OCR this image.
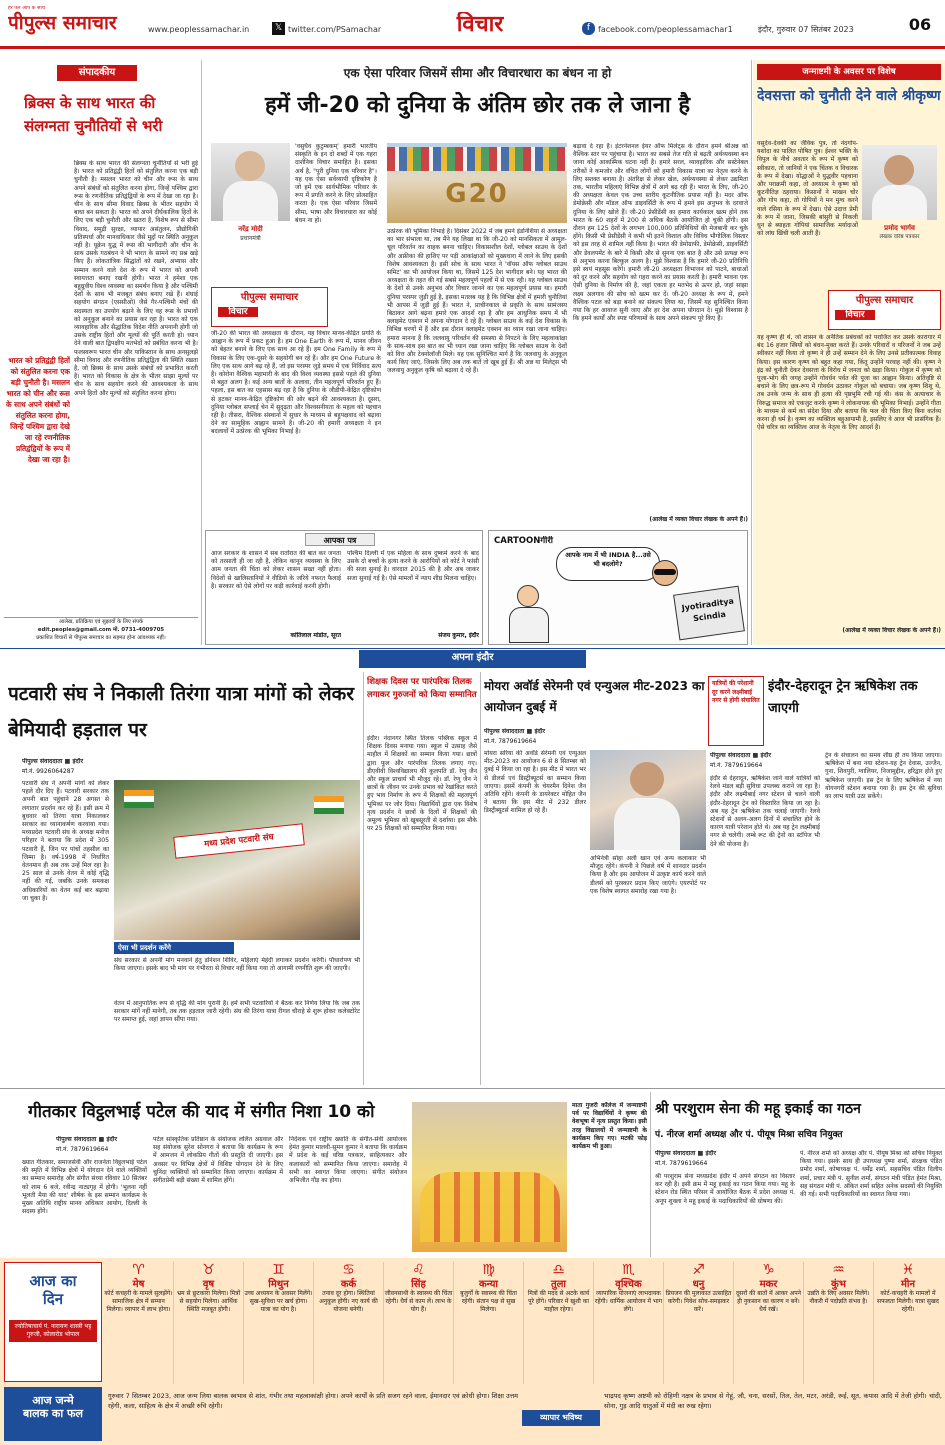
हर पल आप के साथ
पीपुल्स समाचार	www.peoplessamachar.in	𝕏 twitter.com/PSamachar	विचार	f facebook.com/peoplessamachar1	इंदौर, गुरुवार 07 सितंबर 2023	06
संपादकीय
ब्रिक्स के साथ भारत की संलग्नता चुनौतियों से भरी
ब्रिक्स के साथ भारत की संलग्नता चुनौतियों से भरी हुई है। भारत को प्रतिद्वंद्वी हितों को संतुलित करना एक बड़ी चुनौती है। मसलन भारत को चीन और रूस के साथ अपने संबंधों को संतुलित करना होगा, जिन्हें पश्चिम द्वारा रूस के रणनीतिक प्रतिद्वंद्वियों के रूप में देखा जा रहा है। चीन के साथ सीमा विवाद ब्रिक्स के भीतर सहयोग में बाधा बन सकता है। भारत को अपने दीर्घकालिक हितों के लिए एक बड़ी चुनौती और खतरा है, विशेष रूप से सीमा विवाद, समुद्री सुरक्षा, व्यापार असंतुलन, प्रौद्योगिकी प्रतिस्पर्धा और मानवाधिकार जैसे मुद्दों पर स्थिति अनुकूल नहीं है। यूक्रेन युद्ध में रूस की भागीदारी और चीन के साथ उसके गठबंधन ने भी भारत के सामने नए प्रश्न खड़े किए हैं। लोकतांत्रिक सिद्धांतों को रखने, अभ्यास और सम्मान करने वाले देश के रूप में भारत को अपनी स्वायत्तता बनाए रखनी होगी। भारत ने हमेशा एक बहुध्रुवीय विश्व व्यवस्था का समर्थन किया है और पश्चिमी देशों के साथ भी मजबूत संबंध बनाए रखे हैं। शंघाई सहयोग संगठन (एससीओ) जैसे गैर-पश्चिमी मंचों की सदस्यता का उपयोग बढ़ाने के लिए वह रूस के प्रभावों को अनुकूल बनाने का प्रयास कर रहा है। भारत को एक व्यावहारिक और सैद्धांतिक विदेश नीति अपनानी होगी जो उसके राष्ट्रीय हितों और मूल्यों की पूर्ति करती हो। ध्यान देने वाली बात द्विपक्षीय मतभेदों को प्रबंधित करना भी है। फलस्वरूप भारत चीन और पाकिस्तान के साथ अनसुलझे सीमा विवाद और रणनीतिक प्रतिद्वंद्विता की स्थिति रखता है, जो ब्रिक्स के साथ उसके संबंधों को प्रभावित करती है। भारत को विकास के क्षेत्र के भीतर साझा मूल्यों पर चीन के साथ सहयोग करने की आवश्यकता के साथ अपने हितों और मूल्यों को संतुलित करना होगा।
भारत को प्रतिद्वंद्वी हितों को संतुलित करना एक बड़ी चुनौती है। मसलन भारत को चीन और रूस के साथ अपने संबंधों को संतुलित करना होगा, जिन्हें पश्चिम द्वारा देखे जा रहे रणनीतिक प्रतिद्वंद्वियों के रूप में देखा जा रहा है।
आलेख, प्रतिक्रिया एवं सुझावों के लिए संपर्क
edit.peoples@gmail.com मो. 0731-4009705
प्रकाशित विचारों से पीपुल्स समाचार का सहमत होना आवश्यक नहीं।
एक ऐसा परिवार जिसमें सीमा और विचारधारा का बंधन ना हो
हमें जी-20 को दुनिया के अंतिम छोर तक ले जाना है
नरेंद्र मोदी
प्रधानमंत्री
'वसुधैव कुटुम्बकम्' हमारी भारतीय संस्कृति के इन दो शब्दों में एक गहरा दार्शनिक विचार समाहित है। इसका अर्थ है, "पूरी दुनिया एक परिवार है"। यह एक ऐसा सर्वव्यापी दृष्टिकोण है जो हमें एक सार्वभौमिक परिवार के रूप में प्रगति करने के लिए प्रोत्साहित करता है। एक ऐसा परिवार जिसमें सीमा, भाषा और विचारधारा का कोई बंधन ना हो।
पीपुल्स समाचार
विचार
जी-20 की भारत की अध्यक्षता के दौरान, यह विचार मानव-केंद्रित प्रगति के आह्वान के रूप में प्रकट हुआ है। हम One Earth के रूप में, मानव जीवन को बेहतर बनाने के लिए एक साथ आ रहे हैं। हम One Family के रूप में विकास के लिए एक-दूसरे के सहयोगी बन रहे हैं। और हम One Future के लिए एक साथ आगे बढ़ रहे हैं, जो इस परस्पर जुड़े समय में एक निर्विवाद सत्य है। कोरोना वैश्विक महामारी के बाद की विश्व व्यवस्था इससे पहले की दुनिया से बहुत अलग है। कई अन्य बातों के अलावा, तीन महत्वपूर्ण परिवर्तन हुए हैं। पहला, इस बात का एहसास बढ़ रहा है कि दुनिया के जीडीपी-केंद्रित दृष्टिकोण से हटकर मानव-केंद्रित दृष्टिकोण की ओर बढ़ने की आवश्यकता है। दूसरा, दुनिया ग्लोबल सप्लाई चेन में सुदृढ़ता और विश्वसनीयता के महत्व को पहचान रही है। तीसरा, वैश्विक संस्थानों में सुधार के माध्यम से बहुपक्षवाद को बढ़ावा देने का सामूहिक आह्वान सामने है। जी-20 की हमारी अध्यक्षता ने इन बदलावों में उत्प्रेरक की भूमिका निभाई है।
G20
उत्प्रेरक की भूमिका निभाई है। दिसंबर 2022 में जब हमने इंडोनेशिया से अध्यक्षता का भार संभाला था, तब मैंने यह लिखा था कि जी-20 को मानसिकता में आमूल-चूल परिवर्तन का वाहक बनना चाहिए। विकासशील देशों, ग्लोबल साउथ के देशों और अफ्रीका की हाशिए पर पड़ी आकांक्षाओं को मुख्यधारा में लाने के लिए इसकी विशेष आवश्यकता है। इसी सोच के साथ भारत ने 'वॉयस ऑफ ग्लोबल साउथ समिट' का भी आयोजन किया था, जिसमें 125 देश भागीदार बने। यह भारत की अध्यक्षता के तहत की गई सबसे महत्वपूर्ण पहलों में से एक रही। यह ग्लोबल साउथ के देशों से उनके अनुभव और विचार जानने का एक महत्वपूर्ण प्रयास था। हमारी दुनिया परस्पर जुड़ी हुई है, इसका मतलब यह है कि विभिन्न क्षेत्रों में हमारी चुनौतियां भी आपस में जुड़ी हुई हैं। भारत ने, प्राचीनकाल से प्रकृति के साथ सामंजस्य बिठाकर आगे बढ़ना हमारे एक आदर्श रहा है और हम आधुनिक समय में भी क्लाइमेट एक्शन में अपना योगदान दे रहे हैं। ग्लोबल साउथ के कई देश विकास के विभिन्न चरणों में हैं और इस दौरान क्लाइमेट एक्शन का ध्यान रखा जाना चाहिए। हमारा मानना है कि जलवायु परिवर्तन की समस्या से निपटने के लिए महत्वाकांक्षा के साथ-साथ इस बात का भी ध्यान रखा जाना चाहिए कि ग्लोबल साउथ के देशों को वित्त और टेक्नोलॉजी मिले। यह एक सुनिश्चित मार्ग है कि जलवायु के अनुकूल कार्य किए जाएं, जिसके लिए अब तक बातें तो खूब हुई हैं। श्री अन्न या मिलेट्स भी जलवायु अनुकूल कृषि को बढ़ावा दे रहे हैं।
बढ़ावा दे रहा है। इंटरनेशनल ईयर ऑफ मिलेट्स के दौरान हमने श्रीअन्न को वैश्विक स्तर पर पहुंचाया है। भारत का सबसे तेज गति से बढ़ती अर्थव्यवस्था बन जाना कोई आकस्मिक घटना नहीं है। हमारे सरल, व्यावहारिक और सस्टेनेबल तरीकों ने कमजोर और वंचित लोगों को हमारी विकास यात्रा का नेतृत्व करने के लिए सशक्त बनाया है। अंतरिक्ष से लेकर खेल, अर्थव्यवस्था से लेकर उद्यमिता तक, भारतीय महिलाएं विभिन्न क्षेत्रों में आगे बढ़ रही हैं। भारत के लिए, जी-20 की अध्यक्षता केवल एक उच्च स्तरीय कूटनीतिक प्रयास नहीं है। मदर ऑफ डेमोक्रेसी और मॉडल ऑफ डाइवर्सिटी के रूप में हमने इस अनुभव के दरवाजे दुनिया के लिए खोले हैं। जी-20 प्रेसीडेंसी का हमारा कार्यकाल खत्म होने तक भारत के 60 शहरों में 200 से अधिक बैठकें आयोजित हो चुकी होंगी। इस दौरान हम 125 देशों के लगभग 100,000 प्रतिनिधियों की मेजबानी कर चुके होंगे। किसी भी प्रेसीडेंसी ने कभी भी इतने विशाल और विविध भौगोलिक विस्तार को इस तरह से शामिल नहीं किया है। भारत की डेमोग्राफी, डेमोक्रेसी, डाइवर्सिटी और डेवलपमेंट के बारे में किसी और से सुनना एक बात है और उसे प्रत्यक्ष रूप से अनुभव करना बिल्कुल अलग है। मुझे विश्वास है कि हमारे जी-20 प्रतिनिधि इसे स्वयं महसूस करेंगे। हमारी जी-20 अध्यक्षता विभाजन को पाटने, बाधाओं को दूर करने और सहयोग को गहरा करने का प्रयास करती है। हमारी भावना एक ऐसी दुनिया के निर्माण की है, जहां एकता हर मतभेद से ऊपर हो, जहां साझा लक्ष्य अलगाव की सोच को खत्म कर दें। जी-20 अध्यक्ष के रूप में, हमने वैश्विक पटल को बड़ा बनाने का संकल्प लिया था, जिसमें यह सुनिश्चित किया गया कि हर आवाज सुनी जाए और हर देश अपना योगदान दे। मुझे विश्वास है कि हमने कार्यों और स्पष्ट परिणामों के साथ अपने संकल्प पूरे किए हैं।
(आलेख में व्यक्त विचार लेखक के अपने हैं।)
जन्माष्टमी के अवसर पर विशेष
देवसत्ता को चुनौती देने वाले श्रीकृष्ण
वसुदेव-देवकी का जैविक पुत्र, तो नंदगोप-यशोदा का पालित पोषित पुत्र। ईश्वर भक्ति के विपुल के नीचे अवतार के रूप में कृष्ण को स्वीकारा, तो जानियों ने एक चिंतक व विचारक के रूप में देखा। योद्धाओं ने युद्धवीर पहचाना और पराक्रमी कहा, तो अध्यात्म ने कृष्ण को कूटनीतिज्ञ ठहराया। किसानों ने माखन चोर और गोप कहा, तो गोपियों ने मन मुग्ध करने वाले रसिया के रूप में देखा। ऐसे उदात्त प्रेमी के रूप में जाना, जिसकी बांसुरी से निकली धुन से ब्याहता गोपियां सामाजिक मर्यादाओं को लांघ खिंची चली आती हैं।
प्रमोद भार्गव
लेखक वरिष्ठ पत्रकार
पीपुल्स समाचार
विचार
यह कृष्ण ही थे, जो शासन के अनैतिक प्रबंधकों को पराजित कर उसके कारागार में बंद 16 हजार स्त्रियों को बंधन-मुक्त करते हैं। उनके परिवारों व परिजनों ने जब उन्हें स्वीकार नहीं किया तो कृष्ण ने ही उन्हें सम्मान देने के लिए उनसे प्रतीकात्मक विवाह किया। इस कारण कृष्ण को बहुत कहा गया, किंतु उन्होंने परवाह नहीं की। कृष्ण ने इंद्र को चुनौती देकर देवसत्ता के विरोध में जनता को खड़ा किया। गोकुल में कृष्ण को पूजा-भोग की जगह उन्होंने गोवर्धन पर्वत की पूजा का आह्वान किया। अतिवृष्टि से बचाने के लिए छत्र-रूप में गोवर्धन उठाकर गोकुल को बचाया। जब कृष्ण शिशु थे, तब उनके जन्म के साथ ही हत्या की पृष्ठभूमि रची गई थी। कंस के अत्याचार के विरुद्ध समाज को एकजुट करके कृष्ण ने लोकनायक की भूमिका निभाई। उन्होंने गीता के माध्यम से कर्म का संदेश दिया और बताया कि फल की चिंता किए बिना कर्तव्य करना ही धर्म है। कृष्ण का व्यक्तित्व बहुआयामी है, इसलिए वे आज भी प्रासंगिक हैं। ऐसे चरित्र का व्यक्तित्व आज के नेतृत्व के लिए आदर्श है।
(आलेख में व्यक्त विचार लेखक के अपने हैं।)
आपका पत्र
आज सरकार के शासन में सब रातोंरात की बात कर जनता को तरसाती ही जा रही है, लेकिन कानून व्यवस्था के लिए आम जनता की चिंता को लेकर शासन सख्त नहीं होता। विदेशों से खालिस्तानियों ने वीडियो के जरिये नफरत फैलाई है। सरकार को ऐसे लोगों पर कड़ी कार्रवाई करनी होगी।
कांतिलाल मांडोत, सूरत
पश्चिम दिल्ली में एक महिला के साथ दुष्कर्म करने के बाद उसके दो बच्चों के हत्या करने के आरोपियों को कोर्ट ने फांसी की सजा सुनाई है। वारदात 2015 की है और अब जाकर सजा सुनाई गई है। ऐसे मामलों में न्याय शीघ्र मिलना चाहिए।
संजय कुमार, इंदौर
CARTOONगीरी
आपके नाम में भी INDIA है...उसे भी बदलोगे?
Jyotiraditya Scindia
अपना इंदौर
पटवारी संघ ने निकाली तिरंगा यात्रा मांगों को लेकर बेमियादी हड़ताल पर
पीपुल्स संवाददाता ■ इंदौर
मो.नं. 9926064287
पटवारी संघ ने अपनी मांगों को लेकर पहले दौर दिए हैं। पटवारी सरकार तक अपनी बात पहुंचाने 28 अगस्त से लगातार प्रदर्शन कर रहे हैं। इसी क्रम में बुधवार को तिरंगा यात्रा निकालकर सरकार का ध्यानाकर्षण करवाया गया। मध्यप्रदेश पटवारी संघ के अध्यक्ष मनोज परिहार ने बताया कि प्रदेश में 305 पटवारी हैं, जिन पर पांचों तहसील का जिम्मा है। वर्ष-1998 में निर्धारित वेतनमान ही अब तक उन्हें मिल रहा है। 25 साल से उनके वेतन में कोई वृद्धि नहीं की गई, जबकि उनके समकक्ष अधिकारियों का वेतन कई बार बढ़ाया जा चुका है।
मध्य प्रदेश पटवारी संघ
ऐसा भी प्रदर्शन करेंगे
संघ सरकार से अपनी मांग मनवाने हेतु डोनेशन शिविर, महिलाएं मेहंदी लगाकर प्रदर्शन करेंगी। पौधारोपण भी किया जाएगा। इसके बाद भी मांग पर गंभीरता से विचार नहीं किया गया तो आगामी रणनीति शुरू की जाएगी।
वेतन में आनुपातिक रूप से वृद्धि की मांग पुरानी है। हमें सभी पटवारियों ने बैठक कर निर्णय लिया कि जब तक सरकार मांगें नहीं मानेगी, तब तक हड़ताल जारी रहेगी। संघ की तिरंगा यात्रा रीगल चौराहे से शुरू होकर कलेक्टोरेट पर समाप्त हुई, जहां ज्ञापन सौंपा गया।
शिक्षक दिवस पर पारंपरिक तिलक लगाकर गुरुजनों को किया सम्मानित
इंदौर। नंदानगर स्थित तिलक पब्लिक स्कूल में शिक्षक दिवस मनाया गया। स्कूल में उत्साह जैसे माहौल में शिक्षकों का सम्मान किया गया। छात्रों द्वारा फूल और पारंपरिक तिलक लगाए गए। डीएवीवी विश्वविद्यालय की कुलपति डॉ. रेणु जैन और स्कूल प्राचार्य भी मौजूद रहे। डॉ. रेणु जैन ने छात्रों के जीवन पर उनके प्रभाव को रेखांकित करते हुए भाव निर्माण के रूप में शिक्षकों की महत्वपूर्ण भूमिका पर जोर दिया। विद्यार्थियों द्वारा एक विशेष नृत्य प्रदर्शन ने छात्रों के दिलों में शिक्षकों की अमूल्य भूमिका को खूबसूरती से दर्शाया। इस मौके पर 25 शिक्षकों को सम्मानित किया गया।
मोयरा अवॉर्ड सेरेमनी एवं एन्युअल मीट-2023 का आयोजन दुबई में
पीपुल्स संवाददाता ■ इंदौर
मो.नं. 7879619664
मोयरा सरिया की अवॉर्ड सेरेमनी एवं एन्युअल मीट-2023 का आयोजन 6 से 8 सितम्बर को दुबई में किया जा रहा है। इस मीट में भारत भर से डीलर्स एवं डिस्ट्रीब्यूटर्स का सम्मान किया जाएगा। इसमें कंपनी के चेयरमैन दिनेश जैन अतिथि रहेंगे। कंपनी के डायरेक्टर मोहित जैन ने बताया कि इस मीट में 232 डीलर डिस्ट्रीब्यूटर्स शामिल हो रहे हैं।
अभिनेत्री सोहा अली खान एवं अन्य कलाकार भी मौजूद रहेंगे। कंपनी ने पिछले वर्ष में शानदार प्रदर्शन किया है और इस आयोजन में उत्कृष्ट कार्य करने वाले डीलर्स को पुरस्कार प्रदान किए जाएंगे। एयरपोर्ट पर एक विशेष स्वागत समारोह रखा गया है।
यात्रियों की परेशानी दूर करने लक्ष्मीबाई नगर से होगी संचालित
इंदौर-देहरादून ट्रेन ऋषिकेश तक जाएगी
पीपुल्स संवाददाता ■ इंदौर
मो.नं. 7879619664
इंदौर से देहरादून, ऋषिकेश जाने वाले यात्रियों को रेलवे मंडल बड़ी सुविधा उपलब्ध कराने जा रहा है। इंदौर और लक्ष्मीबाई नगर स्टेशन से चलने वाली इंदौर-देहरादून ट्रेन को विस्तारित किया जा रहा है। अब यह ट्रेन ऋषिकेश तक चलाई जाएगी। रेलवे स्टेशनों से अलग-अलग दिनों में संचालित होने के कारण यात्री परेशान होते थे। अब यह ट्रेन लक्ष्मीबाई नगर से चलेगी। लम्बे रूट की ट्रेनों का स्टॉपेज भी देने की योजना है।
ट्रेन के संचालन का समय शीघ्र ही तय किया जाएगा। ऋषिकेश में बना नया स्टेशन-यह ट्रेन देवास, उज्जैन, गुना, शिवपुरी, ग्वालियर, निजामुद्दीन, हरिद्वार होते हुए ऋषिकेश जाएगी। इस ट्रेन के लिए ऋषिकेश में नया योगनगरी स्टेशन बनाया गया है। इस ट्रेन की सुविधा का लाभ यात्री उठा सकेंगे।
गीतकार विट्ठलभाई पटेल की याद में संगीत निशा 10 को
पीपुल्स संवाददाता ■ इंदौर
मो.नं. 7879619664
ख्यात गीतकार, समाजसेवी और राजनेता विट्ठलभाई पटेल की स्मृति में विभिन्न क्षेत्रों में योगदान देने वाले व्यक्तियों का सम्मान समारोह और संगीत संध्या रविवार 10 सितंबर को शाम 6 बजे, रवीन्द्र नाट्यगृह में होगी। 'भूलना नहीं भूलती मैया की याद' शीर्षक के इस सम्मान कार्यक्रम के मुख्य अतिथि राष्ट्रीय मानव अधिकार आयोग, दिल्ली के सदस्य होंगे।
पटेल सांस्कृतिक प्रतिष्ठान के संयोजक ललित अग्रवाल और सह संयोजक सुरेश सोनगरा ने बताया कि कार्यक्रम के रूप में आमजन में लोकप्रिय गीतों की प्रस्तुति दी जाएगी। इस अवसर पर विभिन्न क्षेत्रों में विशिष्ट योगदान देने के लिए चुनिंदा व्यक्तियों को सम्मानित किया जाएगा। कार्यक्रम में संगीतप्रेमी बड़ी संख्या में शामिल होंगे।
निर्देशक एवं राष्ट्रीय ख्याति के संगीत-सेवी आयोजक हेमंत कुमार मालवी-सुमन कुमार ने बताया कि कार्यक्रम में प्रदेश के कई वरिष्ठ पत्रकार, साहित्यकार और कलाकारों को सम्मानित किया जाएगा। समारोह में सभी का स्वागत किया जाएगा। संगीत संयोजन अभिजीत गौड़ का होगा।
माता गुजरी कॉलेज में जन्माष्टमी पर्व पर विद्यार्थियों ने कृष्ण की वेशभूषा में नृत्य प्रस्तुत किया। इसी तरह विद्यालयों में जन्माष्टमी के कार्यक्रम किए गए। मटकी फोड़ कार्यक्रम भी हुआ।
श्री परशुराम सेना की महू इकाई का गठन
पं. नीरज शर्मा अध्यक्ष और पं. पीयूष मिश्रा सचिव नियुक्त
पीपुल्स संवाददाता ■ इंदौर
मो.नं. 7879619664
श्री परशुराम सेना मध्यप्रदेश इंदौर में अपने संगठन का विस्तार कर रही है। इसी क्रम में महू इकाई का गठन किया गया। महू के स्टेशन रोड स्थित परिसर में आयोजित बैठक में प्रदेश अध्यक्ष पं. अनूप शुक्ला ने महू इकाई के पदाधिकारियों की घोषणा की।
पं. नीरज शर्मा को अध्यक्ष और पं. पीयूष मिश्रा को सचिव नियुक्त किया गया। इसके साथ ही उपाध्यक्ष पुष्पा शर्मा, संरक्षक पंडित प्रमोद शर्मा, कोषाध्यक्ष पं. धर्मेंद्र शर्मा, सहसचिव पंडित दिलीप शर्मा, प्रचार मंत्री पं. सुनील शर्मा, संगठन मंत्री पंडित हेमंत मिश्रा, सह संगठन मंत्री पं. अंकित शर्मा सहित अनेक सदस्यों की नियुक्ति की गई। सभी पदाधिकारियों का स्वागत किया गया।
आज का
दिन
ज्योतिषाचार्य पं. नारायण शास्त्री भट्ट गुरुजी, कोलारोड भोपाल
♈
मेष
कोर्ट कचहरी के मामले सुलझेंगे। सामाजिक क्षेत्र में सम्मान मिलेगा। व्यापार में लाभ होगा।
♉
वृष
भ्रम से छुटकारा मिलेगा। मित्रों से सहयोग मिलेगा। आर्थिक स्थिति मजबूत होगी।
♊
मिथुन
उच्च अध्ययन के अवसर मिलेंगे। सुख-सुविधा पर खर्च होगा। यात्रा का योग है।
♋
कर्क
तनाव दूर होगा। स्थितियां अनुकूल होंगी। नए कार्य की योजना बनेगी।
♌
सिंह
जीवनसाथी के स्वास्थ्य की चिंता रहेगी। धैर्य से काम लें। लाभ के योग हैं।
♍
कन्या
बुजुर्गों के स्वास्थ्य की चिंता रहेगी। संतान पक्ष से सुख मिलेगा।
♎
तुला
मित्रों की मदद से अटके कार्य पूरे होंगे। परिवार में खुशी का माहौल रहेगा।
♏
वृश्चिक
व्यापारिक योजनाएं लाभदायक रहेंगी। धार्मिक आयोजन में भाग लेंगे।
♐
धनु
प्रियजन की मुलाकात उत्साहित करेगी। निवेश सोच-समझकर करें।
♑
मकर
दूसरों की बातों में आकर अपने ही नुकसान का कारण न बनें। धैर्य रखें।
♒
कुंभ
उन्नति के लिए अवसर मिलेंगे। नौकरी में पदोन्नति संभव है।
♓
मीन
कोर्ट-कचहरी के मामलों में सफलता मिलेगी। यात्रा सुखद रहेगी।
आज जन्मे
बालक का फल
गुरुवार 7 सितम्बर 2023, आज जन्म लिया बालक स्वभाव से शांत, गंभीर तथा महत्वाकांक्षी होगा। अपने कार्यों के प्रति सजग रहने वाला, ईमानदार एवं क्रोधी होगा। शिक्षा उत्तम रहेगी, कला, साहित्य के क्षेत्र में अच्छी रुचि रहेगी।
व्यापार भविष्य
भाद्रपद कृष्ण अष्टमी को रोहिणी नक्षत्र के प्रभाव से गेहूं, जौ, चना, सरसों, तिल, तेल, मटर, अरंडी, रूई, सूत, कपास आदि में तेजी होगी। चांदी, सोना, गुड़ आदि धातुओं में मंदी का रुख रहेगा।
